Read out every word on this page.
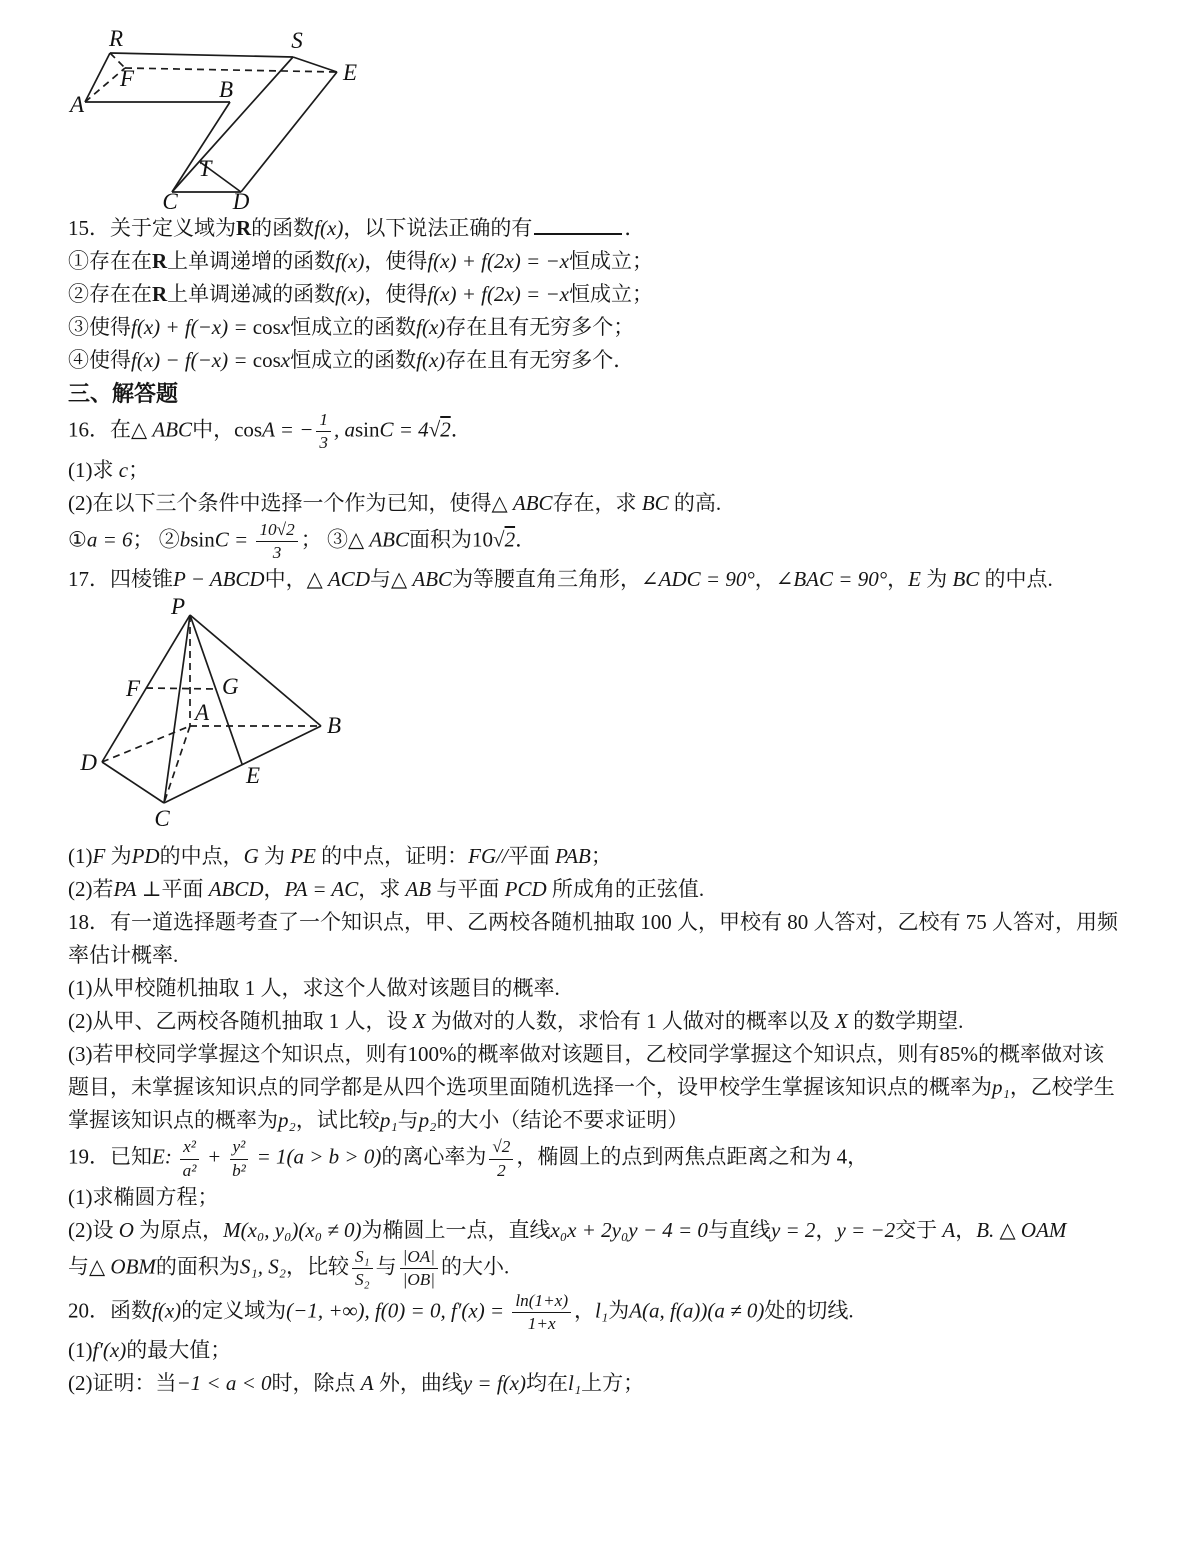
R	S
E
F
A
B
T
C D

15．关于定义域为R的函数f(x)，以下说法正确的有	．

①存在在R上单调递增的函数f(x)，使得f(x) + f(2x) = −x恒成立；

②存在在R上单调递减的函数f(x)，使得f(x) + f(2x) = −x恒成立；

③使得f(x) + f(−x) = cosx恒成立的函数f(x)存在且有无穷多个；

④使得f(x) − f(−x) = cosx恒成立的函数f(x)存在且有无穷多个．

三、解答题

16．在△ ABC中，cosA = − $\frac{1}{3}$ , asinC = 4√2．

(1)求 c；

(2)在以下三个条件中选择一个作为已知，使得△ ABC存在，求 BC 的高.

①a = 6； ②bsinC = $\frac{10√2}{3}$ ； ③△ ABC面积为10√2．

17．四棱锥P − ABCD中，△ ACD与△ ABC为等腰直角三角形，∠ADC = 90°，∠BAC = 90°，E 为 BC 的中点.

P
F	G
A
B
D
E
C

(1)F 为PD的中点，G 为 PE 的中点，证明：FG//平面 PAB；

(2)若PA ⊥平面 ABCD，PA = AC，求 AB 与平面 PCD 所成角的正弦值.

18．有一道选择题考查了一个知识点，甲、乙两校各随机抽取 100 人，甲校有 80 人答对，乙校有 75 人答对，用频

率估计概率.

(1)从甲校随机抽取 1 人，求这个人做对该题目的概率.

(2)从甲、乙两校各随机抽取 1 人，设 X 为做对的人数，求恰有 1 人做对的概率以及 X 的数学期望.

(3)若甲校同学掌握这个知识点，则有100%的概率做对该题目，乙校同学掌握这个知识点，则有85%的概率做对该

题目，未掌握该知识点的同学都是从四个选项里面随机选择一个，设甲校学生掌握该知识点的概率为p₁，乙校学生

掌握该知识点的概率为p₂，试比较p₁与p₂的大小（结论不要求证明）

19．已知E: $\frac{\text{x²}}{\text{a²}} + \frac{\text{y²}}{\text{b²}} = 1(a > b > 0)$的离心率为 $\frac{√2}{2}$ ，椭圆上的点到两焦点距离之和为 4，

(1)求椭圆方程；

(2)设 O 为原点，M(x₀, y₀)(x₀ ≠ 0)为椭圆上一点，直线x₀x + 2y₀y − 4 = 0与直线y = 2，y = −2交于 A，B. △ OAM

与△ OBM的面积为S₁, S₂，比较 $\frac{\text{S₁}}{\text{S₂}}$ 与 $\frac{|OA|}{|OB|}$ 的大小.

20．函数f(x)的定义域为(−1, +∞), f(0) = 0, $f'(x) = \frac{\ln(1+x)}{1+x}$ ，l₁为A(a, f(a))(a ≠ 0)处的切线.

(1)f′(x)的最大值；

(2)证明：当−1 < a < 0时，除点 A 外，曲线y = f(x)均在l₁上方；
